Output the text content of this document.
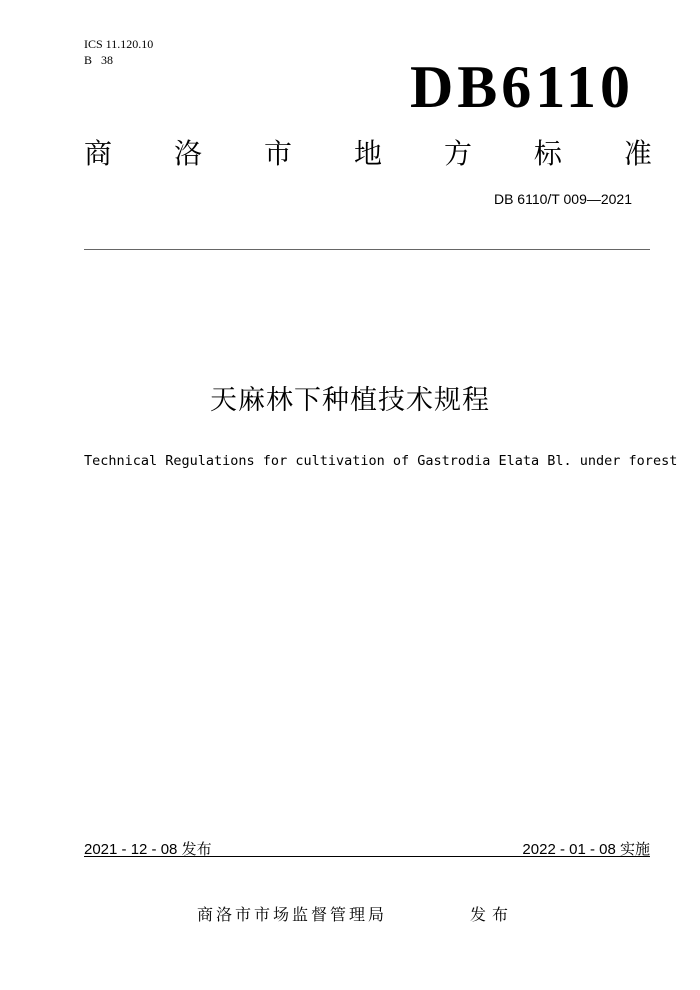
ICS 11.120.10
B   38	DB6110
商 洛 市 地 方 标 准
DB 6110/T 009—2021
天麻林下种植技术规程
Technical Regulations for cultivation of Gastrodia Elata Bl. under forest
2021 - 12 - 08 发布	2022 - 01 - 08 实施
商洛市市场监督管理局	发布
